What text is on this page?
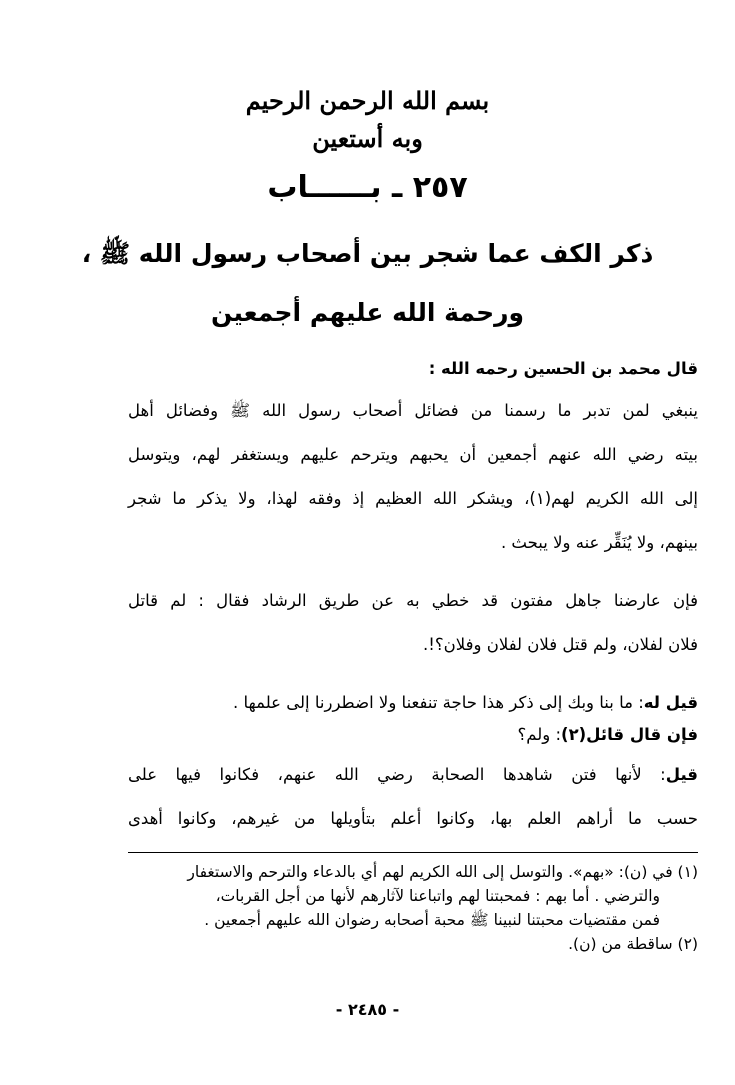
بسم الله الرحمن الرحيم
وبه أستعين
٢٥٧ ـ بــــــاب
ذكر الكف عما شجر بين أصحاب رسول الله ﷺ ،
ورحمة الله عليهم أجمعين
قال محمد بن الحسين رحمه الله :
ينبغي لمن تدبر ما رسمنا من فضائل أصحاب رسول الله ﷺ وفضائل أهل
بيته رضي الله عنهم أجمعين أن يحبهم ويترحم عليهم ويستغفر لهم، ويتوسل
إلى الله الكريم لهم(١)، ويشكر الله العظيم إذ وفقه لهذا، ولا يذكر ما شجر
بينهم، ولا يُنَقِّر عنه ولا يبحث .
فإن عارضنا جاهل مفتون قد خطي به عن طريق الرشاد فقال : لم قاتل
فلان لفلان، ولم قتل فلان لفلان وفلان؟!.
قيل له: ما بنا وبك إلى ذكر هذا حاجة تنفعنا ولا اضطررنا إلى علمها .
فإن قال قائل(٢): ولم؟
قيل: لأنها فتن شاهدها الصحابة رضي الله عنهم، فكانوا فيها على
حسب ما أراهم العلم بها، وكانوا أعلم بتأويلها من غيرهم، وكانوا أهدى
(١) في (ن): «بهم». والتوسل إلى الله الكريم لهم أي بالدعاء والترحم والاستغفار
والترضي . أما بهم : فمحبتنا لهم واتباعنا لآثارهم لأنها من أجل القربات،
فمن مقتضيات محبتنا لنبينا ﷺ محبة أصحابه رضوان الله عليهم أجمعين .
(٢) ساقطة من (ن).
- ٢٤٨٥ -
